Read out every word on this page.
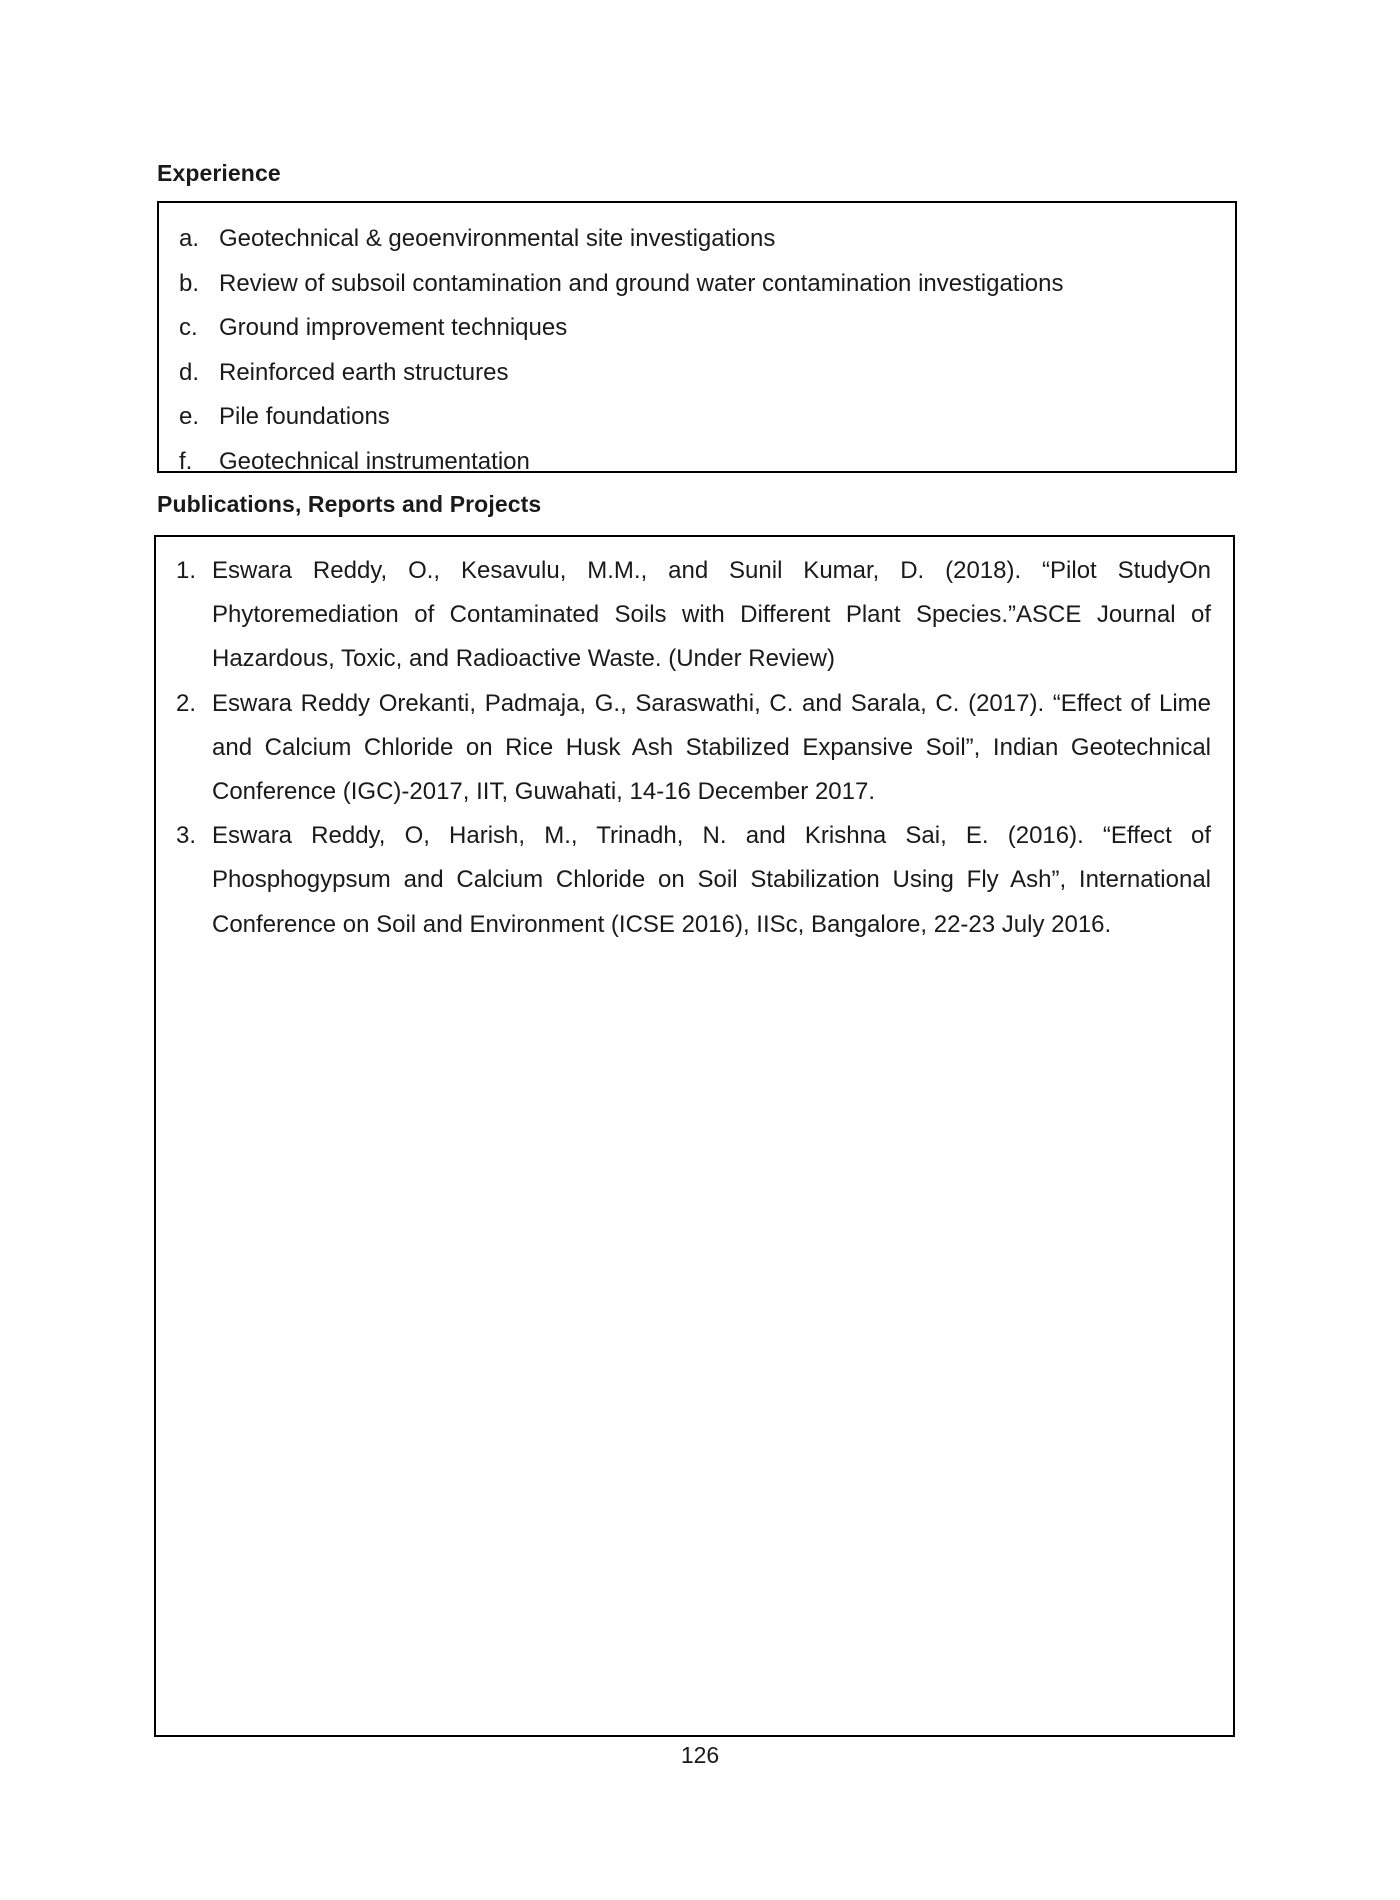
Experience
a. Geotechnical & geoenvironmental site investigations
b. Review of subsoil contamination and ground water contamination investigations
c. Ground improvement techniques
d. Reinforced earth structures
e. Pile foundations
f.	Geotechnical instrumentation
Publications, Reports and Projects
1. Eswara Reddy, O., Kesavulu, M.M., and Sunil Kumar, D. (2018). “Pilot StudyOn Phytoremediation of Contaminated Soils with Different Plant Species.”ASCE Journal of Hazardous, Toxic, and Radioactive Waste. (Under Review)
2. Eswara Reddy Orekanti, Padmaja, G., Saraswathi, C. and Sarala, C. (2017). “Effect of Lime and Calcium Chloride on Rice Husk Ash Stabilized Expansive Soil”, Indian Geotechnical Conference (IGC)-2017, IIT, Guwahati, 14-16 December 2017.
3. Eswara Reddy, O, Harish, M., Trinadh, N. and Krishna Sai, E. (2016). “Effect of Phosphogypsum and Calcium Chloride on Soil Stabilization Using Fly Ash”, International Conference on Soil and Environment (ICSE 2016), IISc, Bangalore, 22-23 July 2016.
126
